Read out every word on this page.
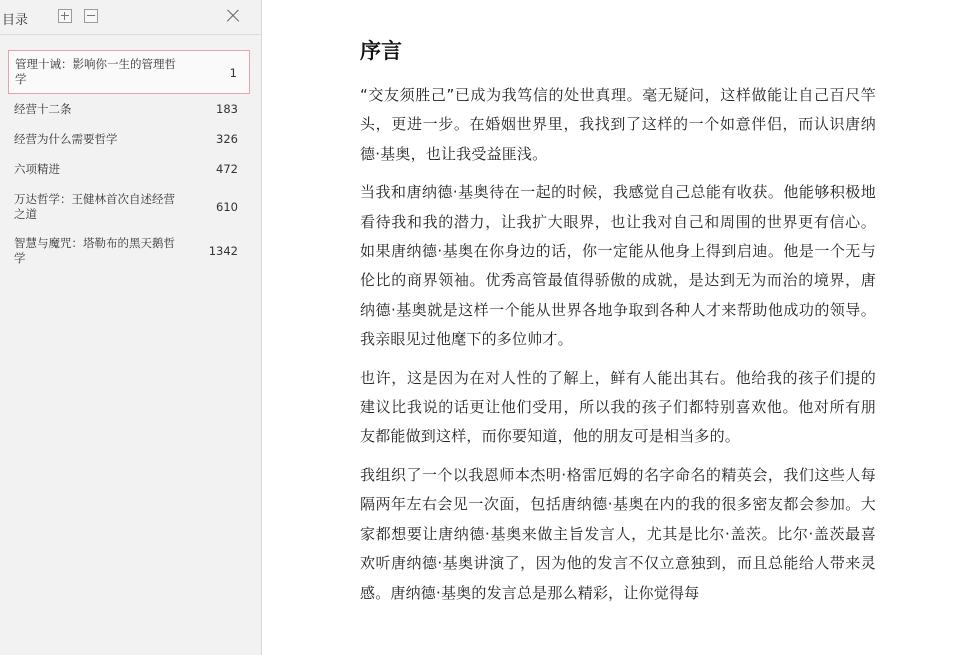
目录
管理十诫：影响你一生的管理哲学	1
经营十二条	183
经营为什么需要哲学	326
六项精进	472
万达哲学：王健林首次自述经营之道	610
智慧与魔咒：塔勒布的黑天鹅哲学	1342
序言

“交友须胜己”已成为我笃信的处世真理。毫无疑问，这样做能让自己百尺竿头，更进一步。在婚姻世界里，我找到了这样的一个如意伴侣，而认识唐纳德·基奥，也让我受益匪浅。

当我和唐纳德·基奥待在一起的时候，我感觉自己总能有收获。他能够积极地看待我和我的潜力，让我扩大眼界，也让我对自己和周围的世界更有信心。如果唐纳德·基奥在你身边的话，你一定能从他身上得到启迪。他是一个无与伦比的商界领袖。优秀高管最值得骄傲的成就，是达到无为而治的境界，唐纳德·基奥就是这样一个能从世界各地争取到各种人才来帮助他成功的领导。我亲眼见过他麾下的多位帅才。

也许，这是因为在对人性的了解上，鲜有人能出其右。他给我的孩子们提的建议比我说的话更让他们受用，所以我的孩子们都特别喜欢他。他对所有朋友都能做到这样，而你要知道，他的朋友可是相当多的。

我组织了一个以我恩师本杰明·格雷厄姆的名字命名的精英会，我们这些人每隔两年左右会见一次面，包括唐纳德·基奥在内的我的很多密友都会参加。大家都想要让唐纳德·基奥来做主旨发言人，尤其是比尔·盖茨。比尔·盖茨最喜欢听唐纳德·基奥讲演了，因为他的发言不仅立意独到，而且总能给人带来灵感。唐纳德·基奥的发言总是那么精彩，让你觉得每
